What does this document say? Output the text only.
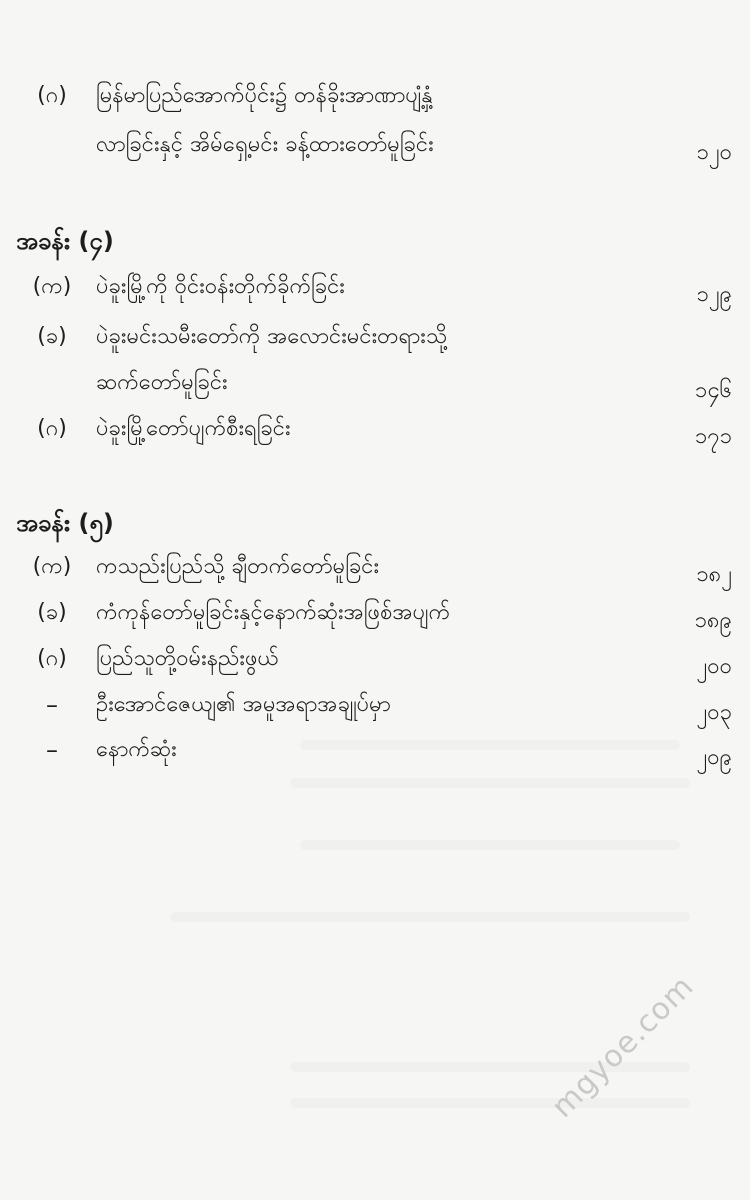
(ဂ)	မြန်မာပြည်အောက်ပိုင်း၌ တန်ခိုးအာဏာပျံ့နှံ့
လာခြင်းနှင့် အိမ်ရှေ့မင်း ခန့်ထားတော်မူခြင်း	၁၂၀
အခန်း (၄)
(က)	ပဲခူးမြို့ကို ဝိုင်းဝန်းတိုက်ခိုက်ခြင်း	၁၂၉
(ခ)	ပဲခူးမင်းသမီးတော်ကို အလောင်းမင်းတရားသို့
ဆက်တော်မူခြင်း	၁၄၆
(ဂ)	ပဲခူးမြို့တော်ပျက်စီးရခြင်း	၁၇၁
အခန်း (၅)
(က)	ကသည်းပြည်သို့ ချီတက်တော်မူခြင်း	၁၈၂
(ခ)	ကံကုန်တော်မူခြင်းနှင့်နောက်ဆုံးအဖြစ်အပျက်	၁၈၉
(ဂ)	ပြည်သူတို့ဝမ်းနည်းဖွယ်	၂၀၀
–	ဦးအောင်ဇေယျ၏ အမူအရာအချုပ်မှာ	၂၀၃
–	နောက်ဆုံး	၂၀၉
mgyoe.com
